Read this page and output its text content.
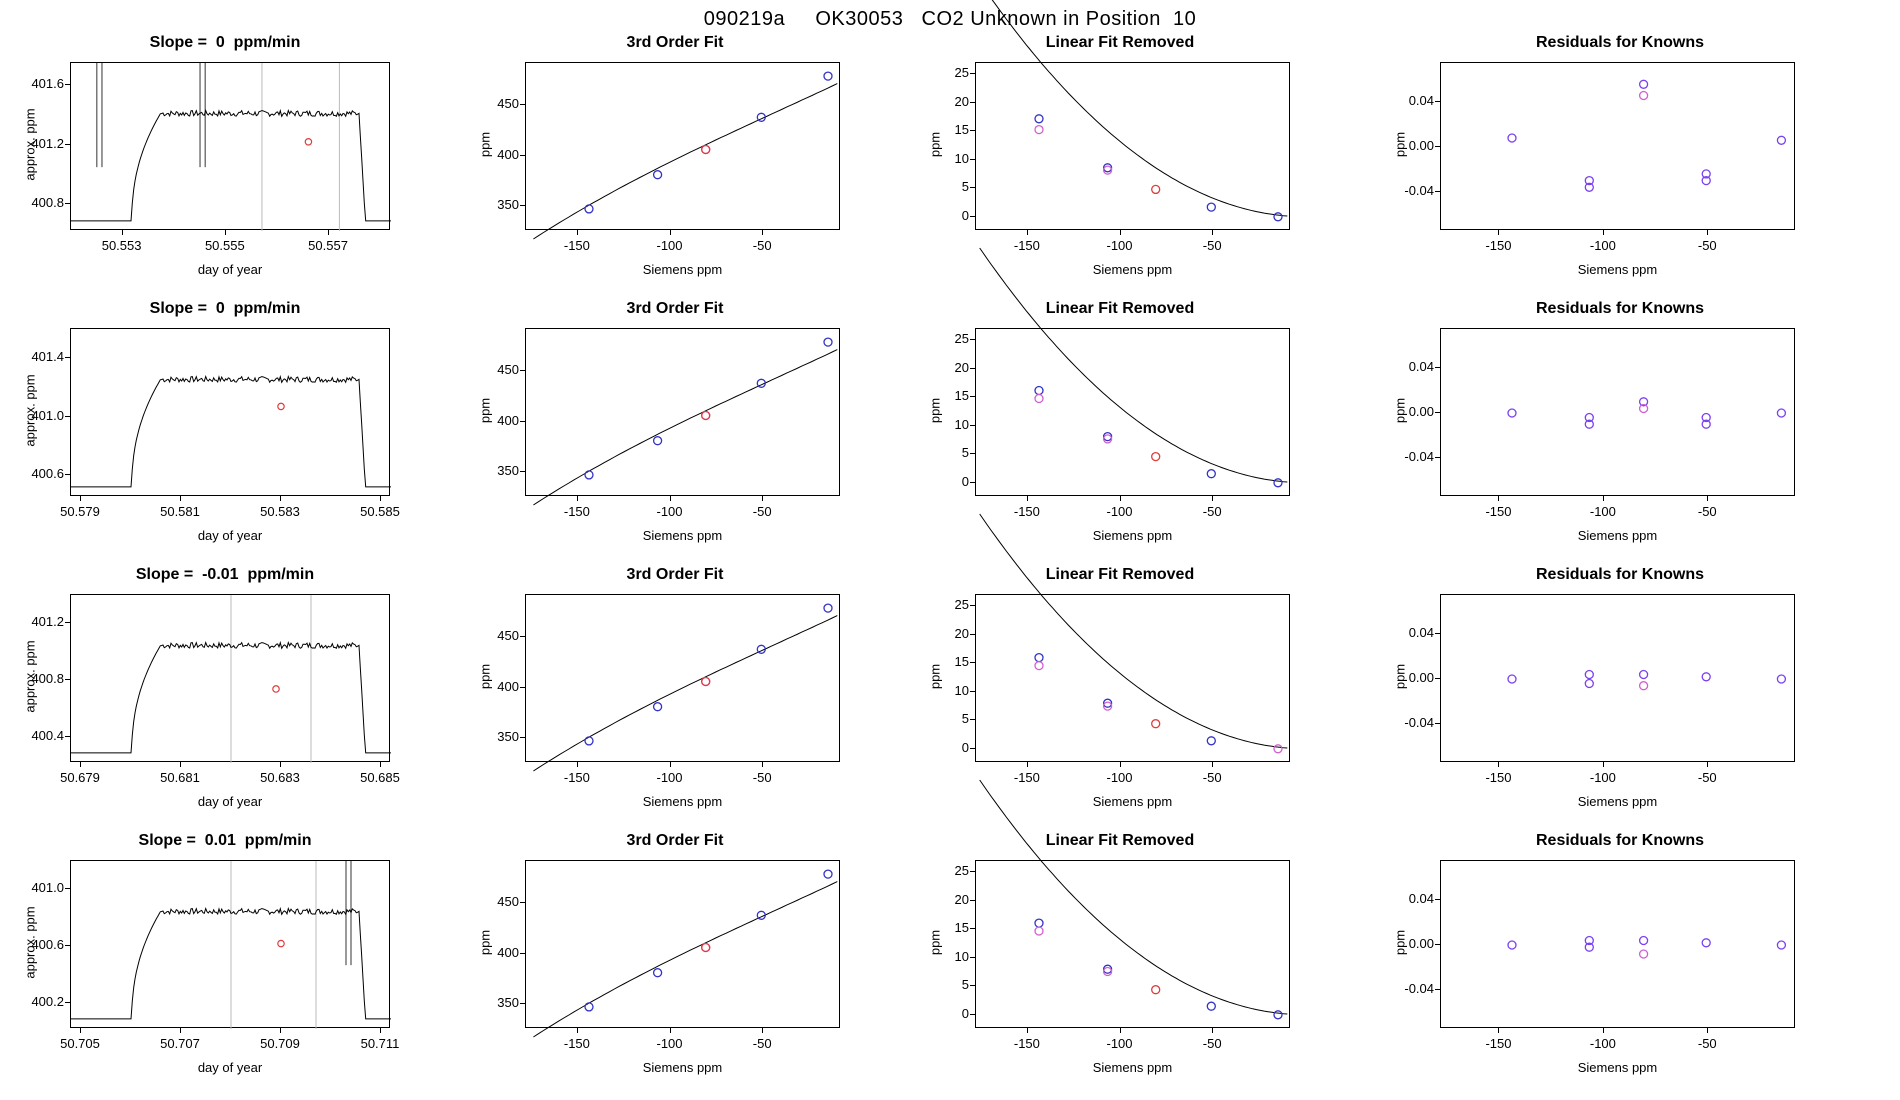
090219a     OK30053   CO2 Unknown in Position  10
Slope =  0  ppm/min
50.553	50.555	50.557
400.8
401.2
401.6
day of year
approx. ppm
3rd Order Fit
-150	-100	-50
350
400
450
Siemens ppm
ppm
Linear Fit Removed
-150	-100	-50
0
5
10
15
20
25
Siemens ppm
ppm
Residuals for Knowns
-150	-100	-50
-0.04
0.00
0.04
Siemens ppm
ppm
Slope =  0  ppm/min
50.579	50.581	50.583	50.585
400.6
401.0
401.4
day of year
approx. ppm
3rd Order Fit
-150	-100	-50
350
400
450
Siemens ppm
ppm
Linear Fit Removed
-150	-100	-50
0
5
10
15
20
25
Siemens ppm
ppm
Residuals for Knowns
-150	-100	-50
-0.04
0.00
0.04
Siemens ppm
ppm
Slope =  -0.01  ppm/min
50.679	50.681	50.683	50.685
400.4
400.8
401.2
day of year
approx. ppm
3rd Order Fit
-150	-100	-50
350
400
450
Siemens ppm
ppm
Linear Fit Removed
-150	-100	-50
0
5
10
15
20
25
Siemens ppm
ppm
Residuals for Knowns
-150	-100	-50
-0.04
0.00
0.04
Siemens ppm
ppm
Slope =  0.01  ppm/min
50.705	50.707	50.709	50.711
400.2
400.6
401.0
day of year
approx. ppm
3rd Order Fit
-150	-100	-50
350
400
450
Siemens ppm
ppm
Linear Fit Removed
-150	-100	-50
0
5
10
15
20
25
Siemens ppm
ppm
Residuals for Knowns
-150	-100	-50
-0.04
0.00
0.04
Siemens ppm
ppm
